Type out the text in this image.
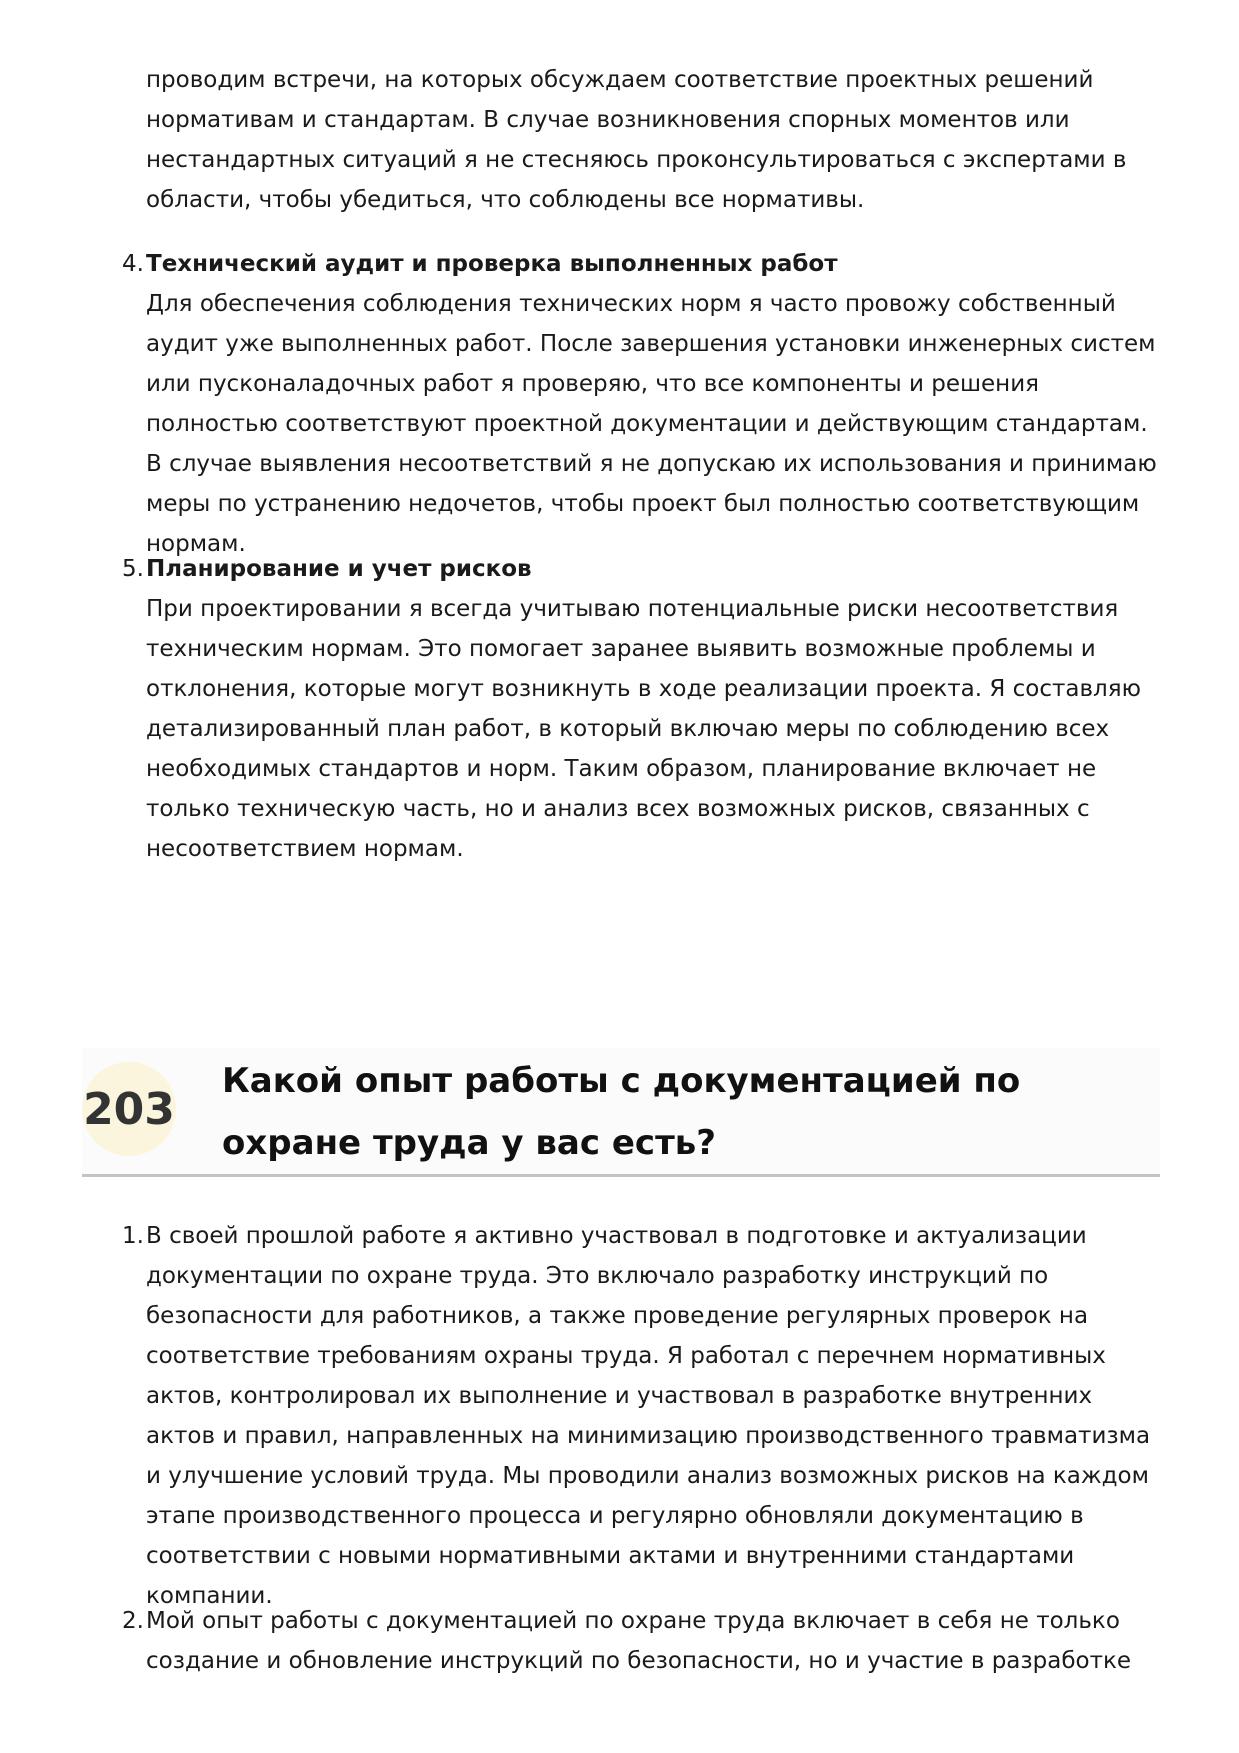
проводим встречи, на которых обсуждаем соответствие проектных решений нормативам и стандартам. В случае возникновения спорных моментов или нестандартных ситуаций я не стесняюсь проконсультироваться с экспертами в области, чтобы убедиться, что соблюдены все нормативы.

4. Технический аудит и проверка выполненных работ
Для обеспечения соблюдения технических норм я часто провожу собственный аудит уже выполненных работ. После завершения установки инженерных систем или пусконаладочных работ я проверяю, что все компоненты и решения полностью соответствуют проектной документации и действующим стандартам. В случае выявления несоответствий я не допускаю их использования и принимаю меры по устранению недочетов, чтобы проект был полностью соответствующим нормам.
5. Планирование и учет рисков
При проектировании я всегда учитываю потенциальные риски несоответствия техническим нормам. Это помогает заранее выявить возможные проблемы и отклонения, которые могут возникнуть в ходе реализации проекта. Я составляю детализированный план работ, в который включаю меры по соблюдению всех необходимых стандартов и норм. Таким образом, планирование включает не только техническую часть, но и анализ всех возможных рисков, связанных с несоответствием нормам.
203
Какой опыт работы с документацией по охране труда у вас есть?
1. В своей прошлой работе я активно участвовал в подготовке и актуализации документации по охране труда. Это включало разработку инструкций по безопасности для работников, а также проведение регулярных проверок на соответствие требованиям охраны труда. Я работал с перечнем нормативных актов, контролировал их выполнение и участвовал в разработке внутренних актов и правил, направленных на минимизацию производственного травматизма и улучшение условий труда. Мы проводили анализ возможных рисков на каждом этапе производственного процесса и регулярно обновляли документацию в соответствии с новыми нормативными актами и внутренними стандартами компании.
2. Мой опыт работы с документацией по охране труда включает в себя не только создание и обновление инструкций по безопасности, но и участие в разработке
